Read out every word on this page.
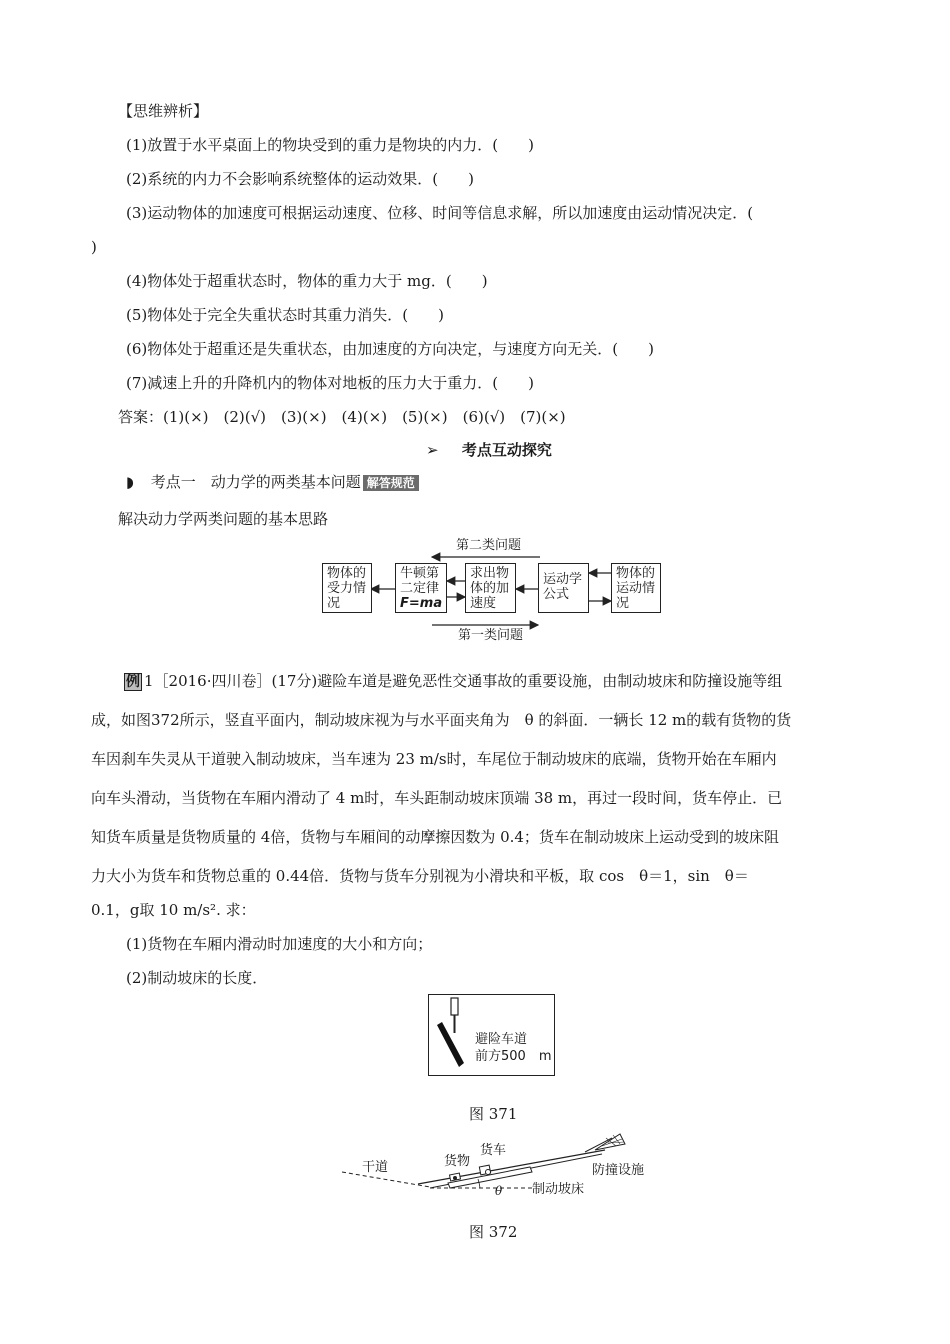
【思维辨析】
(1)放置于水平桌面上的物块受到的重力是物块的内力．(　　)
(2)系统的内力不会影响系统整体的运动效果．(　　)
(3)运动物体的加速度可根据运动速度、位移、时间等信息求解，所以加速度由运动情况决定．(
)
(4)物体处于超重状态时，物体的重力大于 mg．(　　)
(5)物体处于完全失重状态时其重力消失．(　　)
(6)物体处于超重还是失重状态，由加速度的方向决定，与速度方向无关．(　　)
(7)减速上升的升降机内的物体对地板的压力大于重力．(　　)
答案：(1)(×)　(2)(√)　(3)(×)　(4)(×)　(5)(×)　(6)(√)　(7)(×)
➢ 考点互动探究
◗ 考点一　动力学的两类基本问题 解答规范
解决动力学两类问题的基本思路
第二类问题
第一类问题
物体的
受力情
况
牛顿第
二定律
F=ma
求出物
体的加
速度
运动学
公式
物体的
运动情
况
例 1［2016·四川卷］(17分)避险车道是避免恶性交通事故的重要设施，由制动坡床和防撞设施等组
成，如图372所示，竖直平面内，制动坡床视为与水平面夹角为　θ 的斜面．一辆长 12 m的载有货物的货
车因刹车失灵从干道驶入制动坡床，当车速为 23 m/s时，车尾位于制动坡床的底端，货物开始在车厢内
向车头滑动，当货物在车厢内滑动了 4 m时，车头距制动坡床顶端 38 m，再过一段时间，货车停止．已
知货车质量是货物质量的 4倍，货物与车厢间的动摩擦因数为 0.4；货车在制动坡床上运动受到的坡床阻
力大小为货车和货物总重的 0.44倍．货物与货车分别视为小滑块和平板，取 cos　θ＝1，sin　θ＝
0.1，g取 10 m/s². 求：
(1)货物在车厢内滑动时加速度的大小和方向；
(2)制动坡床的长度．
避险车道
前方500　m
图 371
干道	货物
货车
θ 制动坡床
防撞设施
图 372
